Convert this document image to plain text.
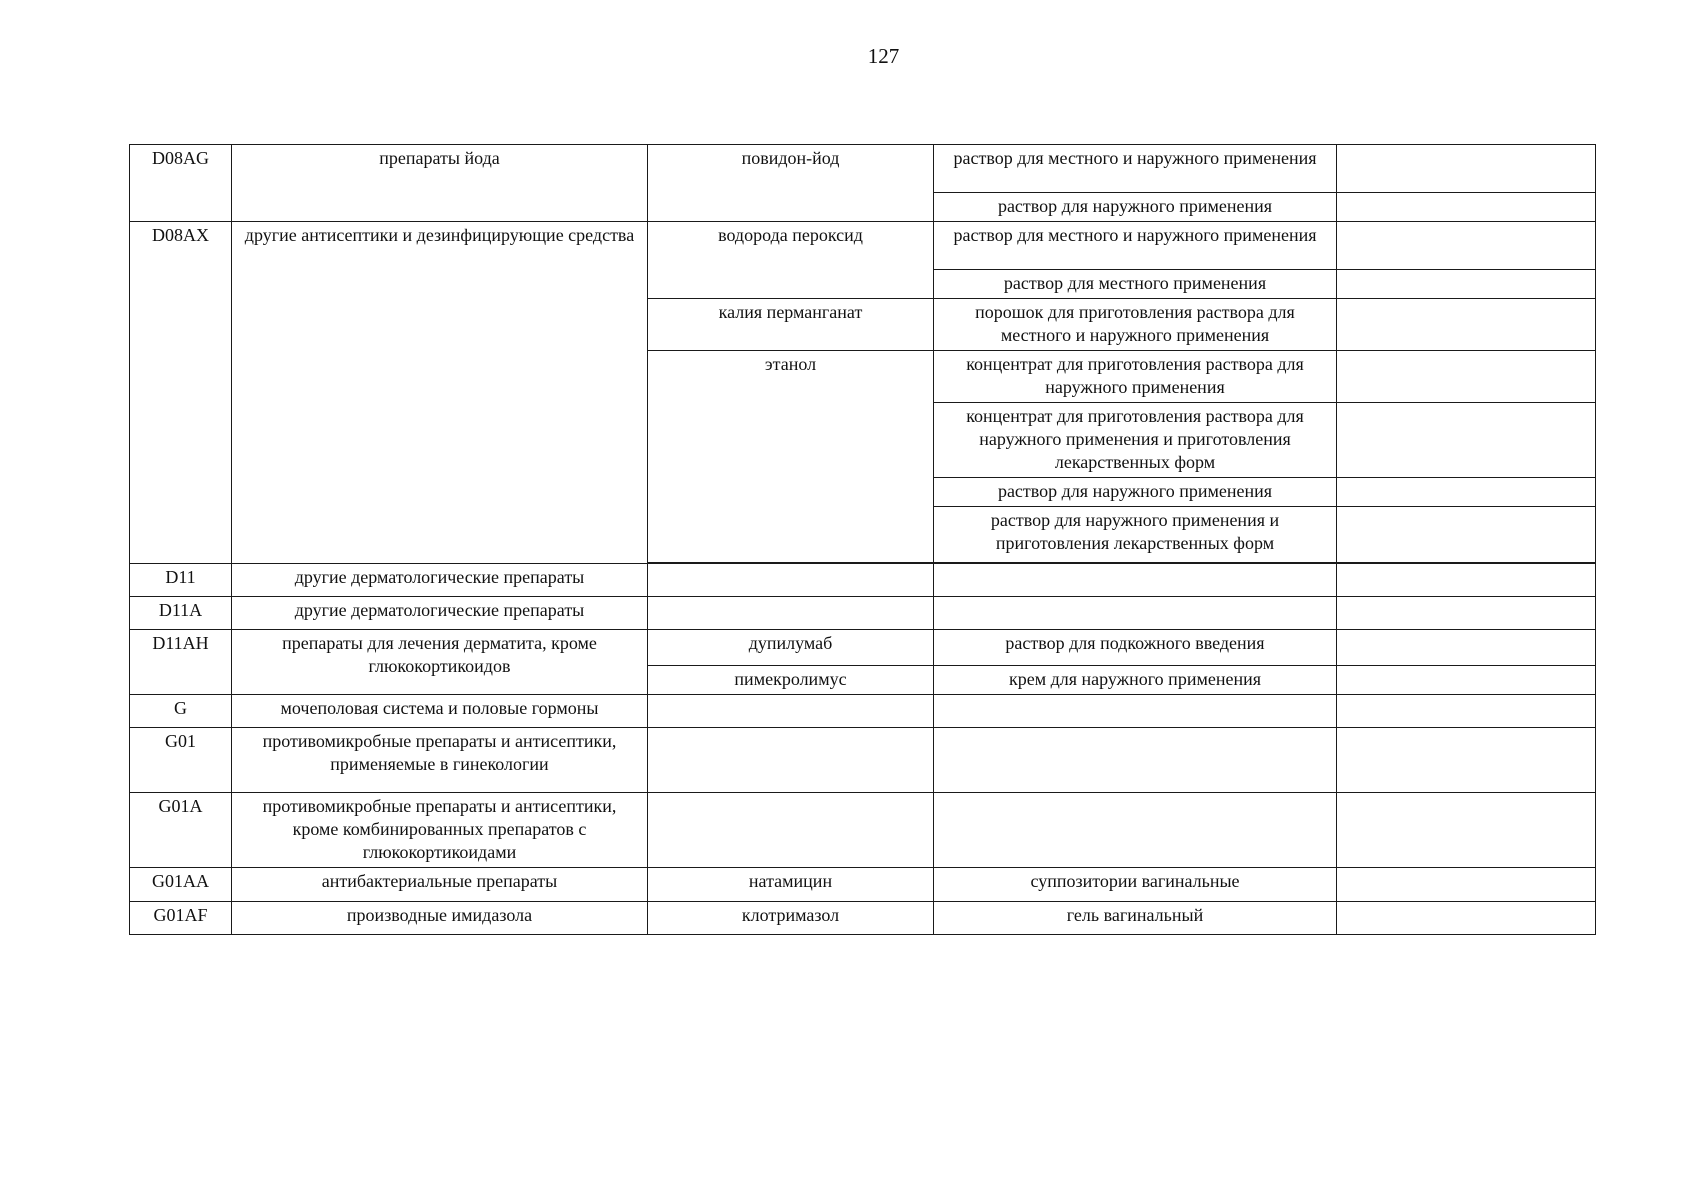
127
D08AG	препараты йода	повидон-йод	раствор для местного и наружного применения	
			раствор для наружного применения	
D08AX	другие антисептики и дезинфицирующие средства	водорода пероксид	раствор для местного и наружного применения	
			раствор для местного применения	
		калия перманганат	порошок для приготовления раствора для местного и наружного применения	
		этанол	концентрат для приготовления раствора для наружного применения	
			концентрат для приготовления раствора для наружного применения и приготовления лекарственных форм	
			раствор для наружного применения	
			раствор для наружного применения и приготовления лекарственных форм	

D11	другие дерматологические препараты			
D11A	другие дерматологические препараты			
D11AH	препараты для лечения дерматита, кроме глюкокортикоидов	дупилумаб	раствор для подкожного введения	
		пимекролимус	крем для наружного применения	
G	мочеполовая система и половые гормоны			
G01	противомикробные препараты и антисептики, применяемые в гинекологии			
G01A	противомикробные препараты и антисептики, кроме комбинированных препаратов с глюкокортикоидами			
G01AA	антибактериальные препараты	натамицин	суппозитории вагинальные	
G01AF	производные имидазола	клотримазол	гель вагинальный	
